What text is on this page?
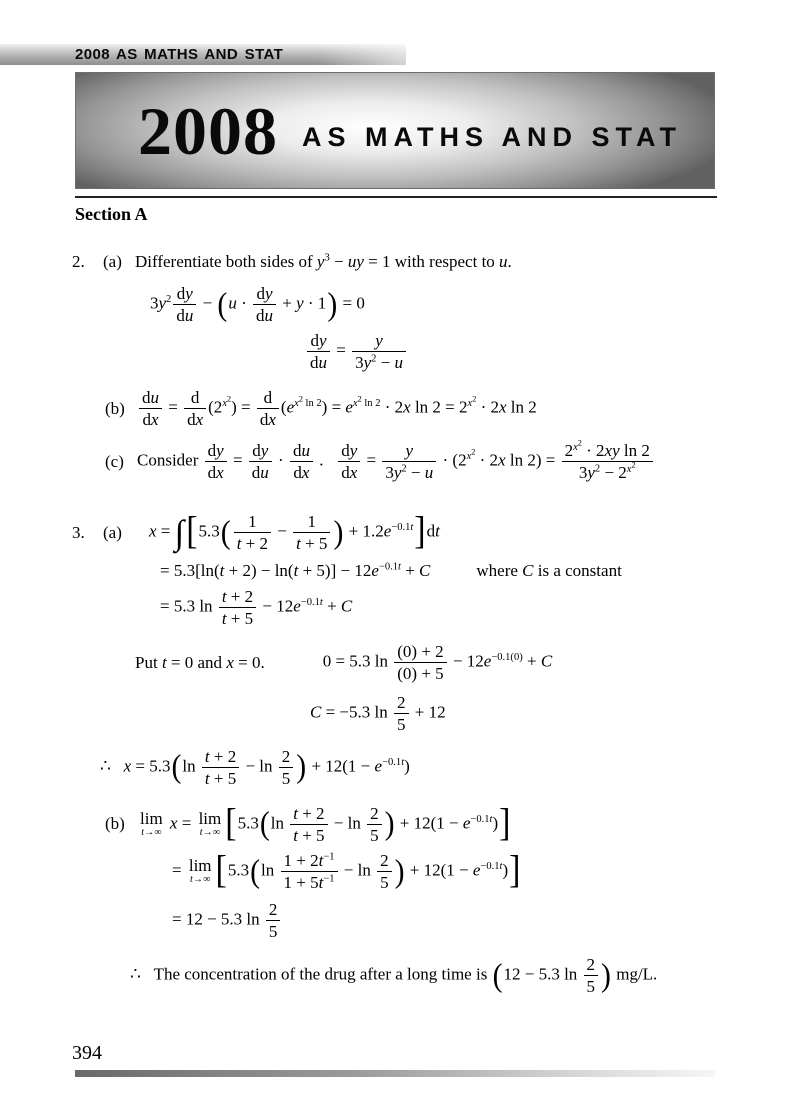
2008 AS MATHS AND STAT
2008 AS MATHS AND STAT
Section A
2.	(a) Differentiate both sides of $y^3$ − uy = 1 with respect to u.
$3y^2 \frac{dy}{du} - (u \cdot \frac{dy}{du} + y \cdot 1) = 0$
$\frac{dy}{du} = \frac{y}{3y^2 - u}$
$(b) \frac{du}{dx} = \frac{d}{dx} (2^{x^2}) = \frac{d}{dx} (e^{x^2 ln 2}) = e^{x^2 ln 2} \cdot 2x$ $\ln 2 = 2^{x^2} \cdot 2x$ ln 2
(c) Consider $\frac{dy}{dx} = \frac{dy}{du} \cdot \frac{du}{dx}$ . $\frac{dy}{dx} = \frac{y}{3y^2 - u} \cdot (2^{x^2} \cdot 2x$ $\ln 2) = \frac{2^{x^2} \cdot 2xy \ln 2}{3y^2 - 2^{x^2}}$
3.	(a)	$x = \int[5.3( \frac{1}{t + 2} - \frac{1}{t + 5}$ ) + $1.2e^{-0.1t}]dt$
= $5.3[\ln(t + 2) - \ln(t + 5)] - 12e^{-0.1t} + C$	where C is a constant
= 5.3 $\ln \frac{t + 2}{t + 5} - 12e^{-0.1t} + C$
Put t = 0 and x = 0.	0 = 5.3 $\ln \frac{(0) + 2}{(0) + 5} - 12e^{-0.1(0)} + C$
C = −5.3 $\ln \frac{2}{5} + 12$
∴   $x = 5.3(\ln \frac{t + 2}{t + 5} - \ln \frac{2}{5}$ ) + $12(1 - e^{-0.1t})$
(b) lim
t→∞
x = lim
t→∞ [$5.3(\ln \frac{t + 2}{t + 5} - \ln \frac{2}{5}$ ) + $12(1 - e^{-0.1t})$]
= lim
t→∞ [$5.3(\ln \frac{1 + 2t^{-1}}{1 + 5t^{-1}} - \ln \frac{2}{5}$ ) + $12(1 - e^{-0.1t})$]
= 12 − 5.3 $\ln \frac{2}{5}$
∴   The concentration of the drug after a long time is (12 − 5.3 $\ln \frac{2}{5}$ ) mg/L.
394
